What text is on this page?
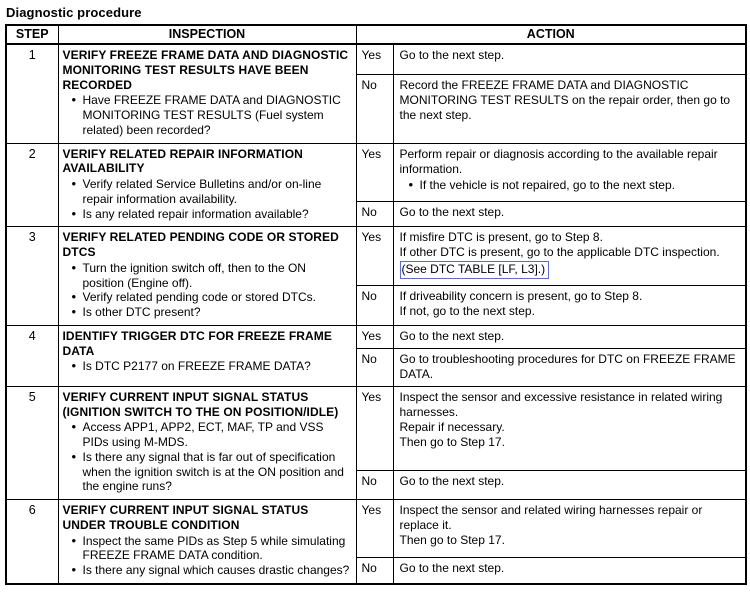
Diagnostic procedure
STEP	INSPECTION	ACTION	
1	VERIFY FREEZE FRAME DATA AND DIAGNOSTIC MONITORING TEST RESULTS HAVE BEEN RECORDED
• Have FREEZE FRAME DATA and DIAGNOSTIC MONITORING TEST RESULTS (Fuel system related) been recorded?
	Yes	Go to the next step.

		No	Record the FREEZE FRAME DATA and DIAGNOSTIC MONITORING TEST RESULTS on the repair order, then go to the next step.

2	VERIFY RELATED REPAIR INFORMATION AVAILABILITY
• Verify related Service Bulletins and/or on-line repair information availability.
• Is any related repair information available?
	Yes	Perform repair or diagnosis according to the available repair information.
• If the vehicle is not repaired, go to the next step.

		No	Go to the next step.

3	VERIFY RELATED PENDING CODE OR STORED DTCS
• Turn the ignition switch off, then to the ON position (Engine off).
• Verify related pending code or stored DTCs.
• Is other DTC present?
	Yes	If misfire DTC is present, go to Step 8.
If other DTC is present, go to the applicable DTC inspection.
(See DTC TABLE [LF, L3].)

		No	If driveability concern is present, go to Step 8.
If not, go to the next step.

4	IDENTIFY TRIGGER DTC FOR FREEZE FRAME DATA
• Is DTC P2177 on FREEZE FRAME DATA?
	Yes	Go to the next step.

		No	Go to troubleshooting procedures for DTC on FREEZE FRAME DATA.

5	VERIFY CURRENT INPUT SIGNAL STATUS (IGNITION SWITCH TO THE ON POSITION/IDLE)
• Access APP1, APP2, ECT, MAF, TP and VSS PIDs using M-MDS.
• Is there any signal that is far out of specification when the ignition switch is at the ON position and the engine runs?
	Yes	Inspect the sensor and excessive resistance in related wiring harnesses.
Repair if necessary.
Then go to Step 17.

		No	Go to the next step.

6	VERIFY CURRENT INPUT SIGNAL STATUS UNDER TROUBLE CONDITION
• Inspect the same PIDs as Step 5 while simulating FREEZE FRAME DATA condition.
• Is there any signal which causes drastic changes?
	Yes	Inspect the sensor and related wiring harnesses repair or replace it.
Then go to Step 17.

		No	Go to the next step.
